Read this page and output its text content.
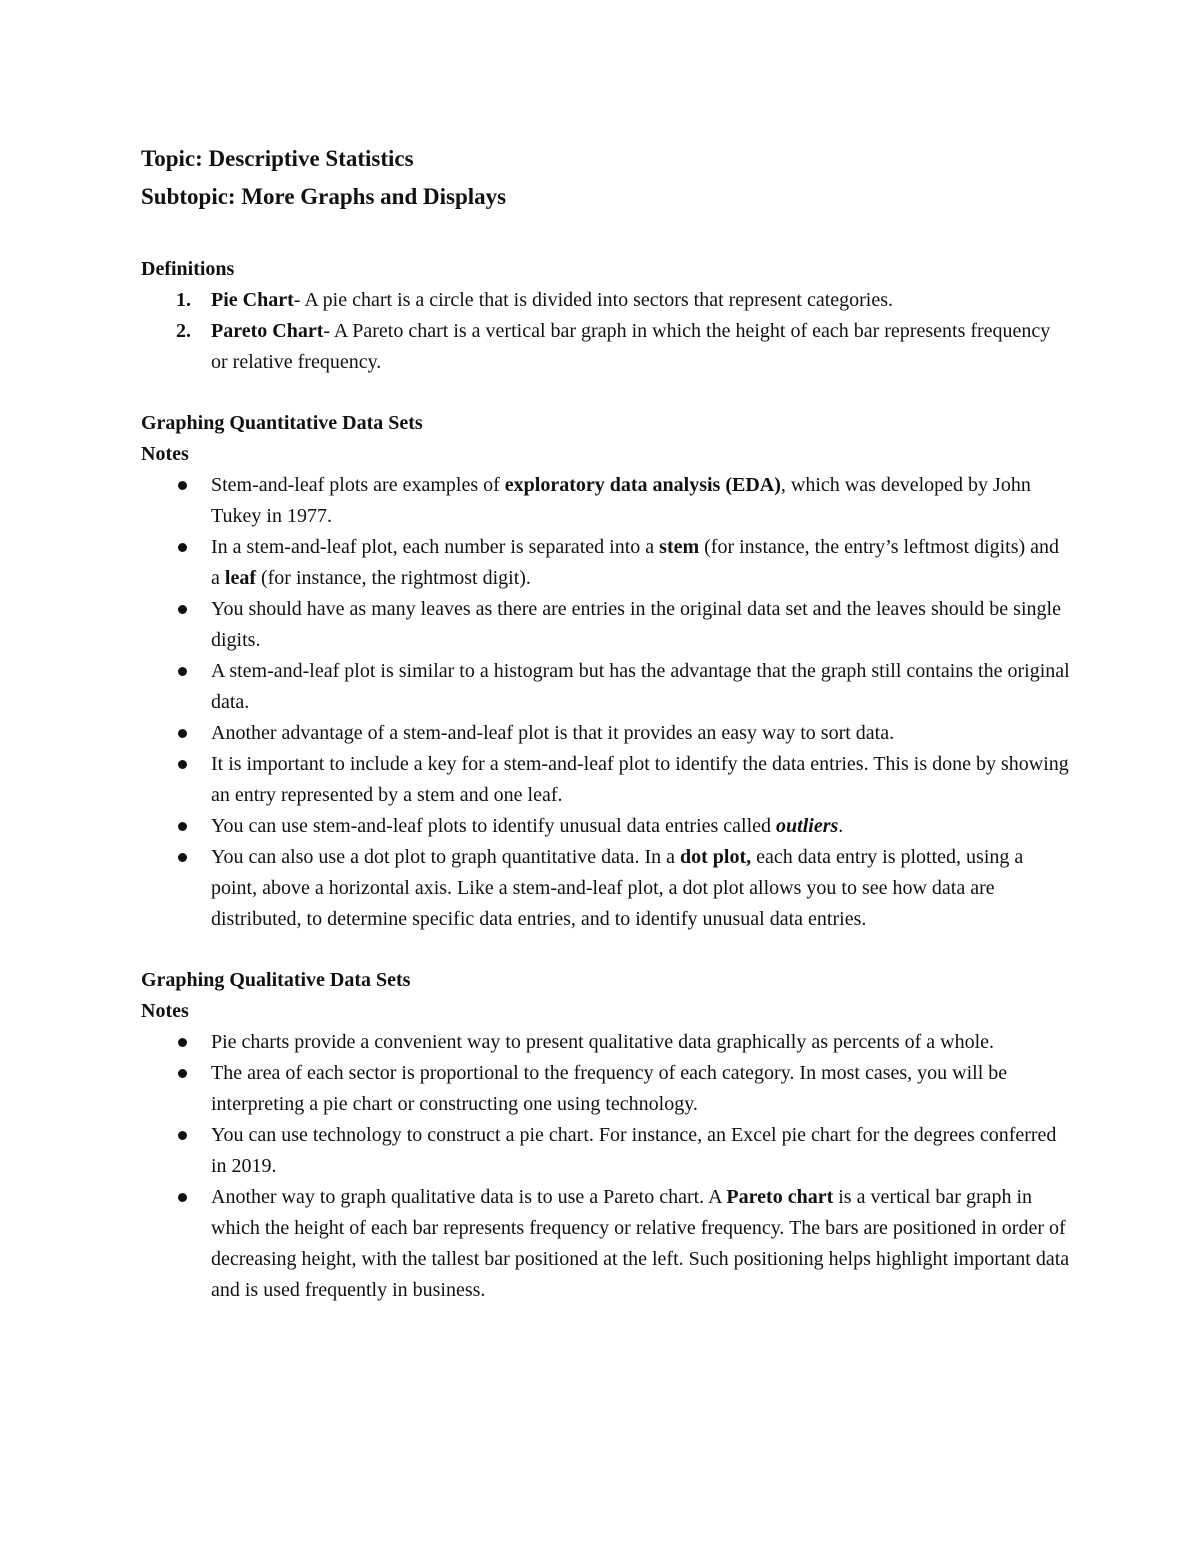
Topic: Descriptive Statistics

Subtopic: More Graphs and Displays

Definitions

1. Pie Chart- A pie chart is a circle that is divided into sectors that represent categories.
2. Pareto Chart- A Pareto chart is a vertical bar graph in which the height of each bar represents frequency or relative frequency.

Graphing Quantitative Data Sets

Notes

Stem-and-leaf plots are examples of exploratory data analysis (EDA), which was developed by John Tukey in 1977.
In a stem-and-leaf plot, each number is separated into a stem (for instance, the entry’s leftmost digits) and a leaf (for instance, the rightmost digit).
You should have as many leaves as there are entries in the original data set and the leaves should be single digits.
A stem-and-leaf plot is similar to a histogram but has the advantage that the graph still contains the original data.
Another advantage of a stem-and-leaf plot is that it provides an easy way to sort data.
It is important to include a key for a stem-and-leaf plot to identify the data entries. This is done by showing an entry represented by a stem and one leaf.
You can use stem-and-leaf plots to identify unusual data entries called outliers.
You can also use a dot plot to graph quantitative data. In a dot plot, each data entry is plotted, using a point, above a horizontal axis. Like a stem-and-leaf plot, a dot plot allows you to see how data are distributed, to determine specific data entries, and to identify unusual data entries.

Graphing Qualitative Data Sets

Notes

Pie charts provide a convenient way to present qualitative data graphically as percents of a whole.
The area of each sector is proportional to the frequency of each category. In most cases, you will be interpreting a pie chart or constructing one using technology.
You can use technology to construct a pie chart. For instance, an Excel pie chart for the degrees conferred in 2019.
Another way to graph qualitative data is to use a Pareto chart. A Pareto chart is a vertical bar graph in which the height of each bar represents frequency or relative frequency. The bars are positioned in order of decreasing height, with the tallest bar positioned at the left. Such positioning helps highlight important data and is used frequently in business.
